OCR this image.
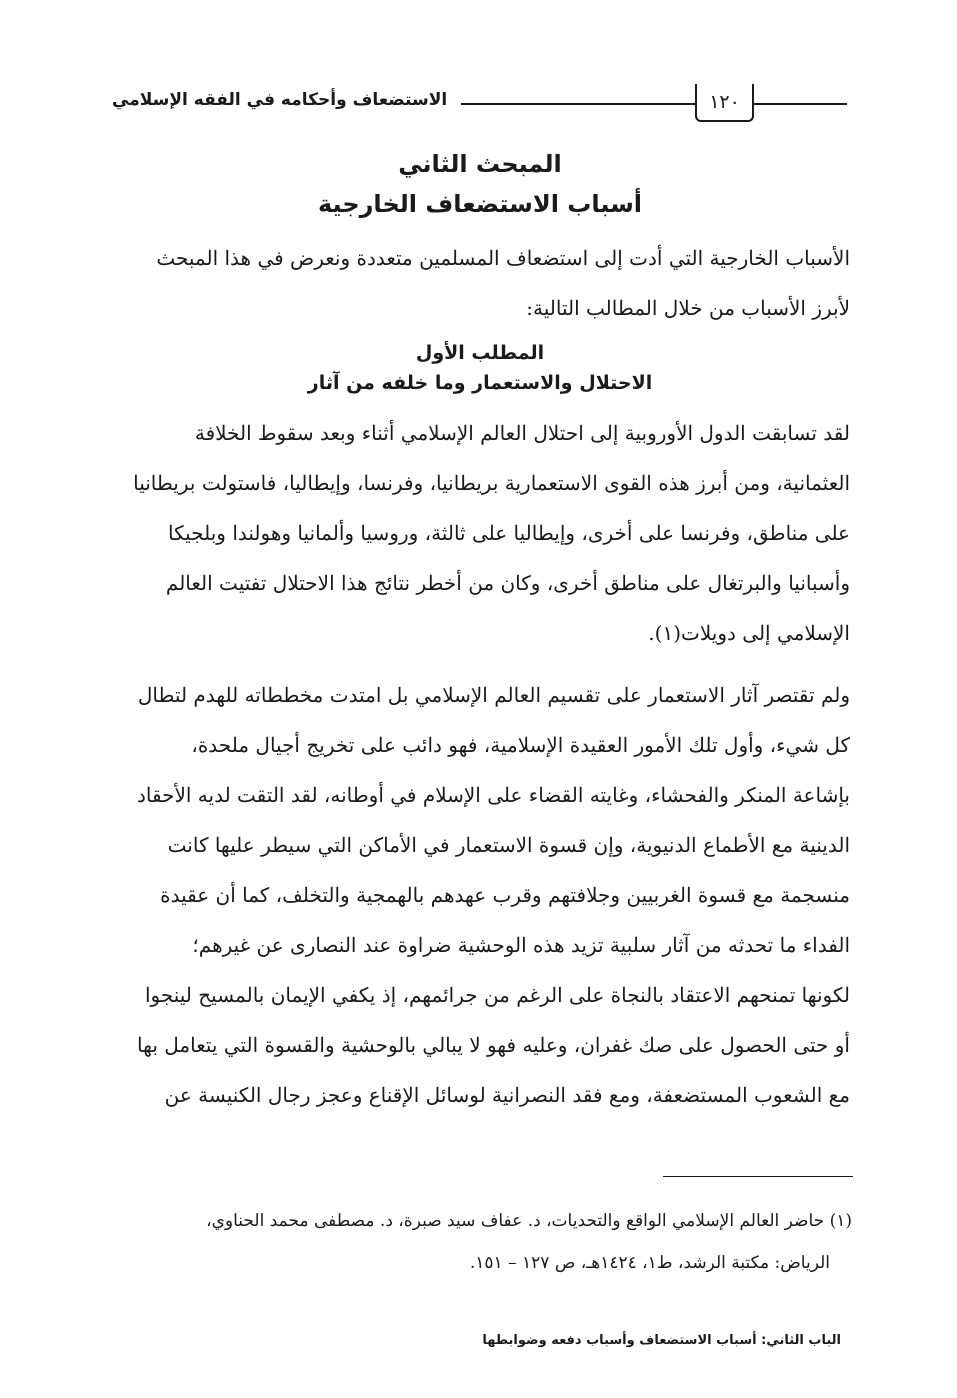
الاستضعاف وأحكامه في الفقه الإسلامي	١٢٠
المبحث الثاني
أسباب الاستضعاف الخارجية
الأسباب الخارجية التي أدت إلى استضعاف المسلمين متعددة ونعرض في هذا المبحث
لأبرز الأسباب من خلال المطالب التالية:
المطلب الأول
الاحتلال والاستعمار وما خلفه من آثار
لقد تسابقت الدول الأوروبية إلى احتلال العالم الإسلامي أثناء وبعد سقوط الخلافة
العثمانية، ومن أبرز هذه القوى الاستعمارية بريطانيا، وفرنسا، وإيطاليا، فاستولت بريطانيا
على مناطق، وفرنسا على أخرى، وإيطاليا على ثالثة، وروسيا وألمانيا وهولندا وبلجيكا
وأسبانيا والبرتغال على مناطق أخرى، وكان من أخطر نتائج هذا الاحتلال تفتيت العالم
الإسلامي إلى دويلات(١).
ولم تقتصر آثار الاستعمار على تقسيم العالم الإسلامي بل امتدت مخططاته للهدم لتطال
كل شيء، وأول تلك الأمور العقيدة الإسلامية، فهو دائب على تخريج أجيال ملحدة،
بإشاعة المنكر والفحشاء، وغايته القضاء على الإسلام في أوطانه، لقد التقت لديه الأحقاد
الدينية مع الأطماع الدنيوية، وإن قسوة الاستعمار في الأماكن التي سيطر عليها كانت
منسجمة مع قسوة الغربيين وجلافتهم وقرب عهدهم بالهمجية والتخلف، كما أن عقيدة
الفداء ما تحدثه من آثار سلبية تزيد هذه الوحشية ضراوة عند النصارى عن غيرهم؛
لكونها تمنحهم الاعتقاد بالنجاة على الرغم من جرائمهم، إذ يكفي الإيمان بالمسيح لينجوا
أو حتى الحصول على صك غفران، وعليه فهو لا يبالي بالوحشية والقسوة التي يتعامل بها
مع الشعوب المستضعفة، ومع فقد النصرانية لوسائل الإقناع وعجز رجال الكنيسة عن
(١) حاضر العالم الإسلامي الواقع والتحديات، د. عفاف سيد صبرة، د. مصطفى محمد الحناوي،
الرياض: مكتبة الرشد، ط١، ١٤٢٤هـ، ص ١٢٧ – ١٥١.
الباب الثاني: أسباب الاستضعاف وأسباب دفعه وضوابطها
